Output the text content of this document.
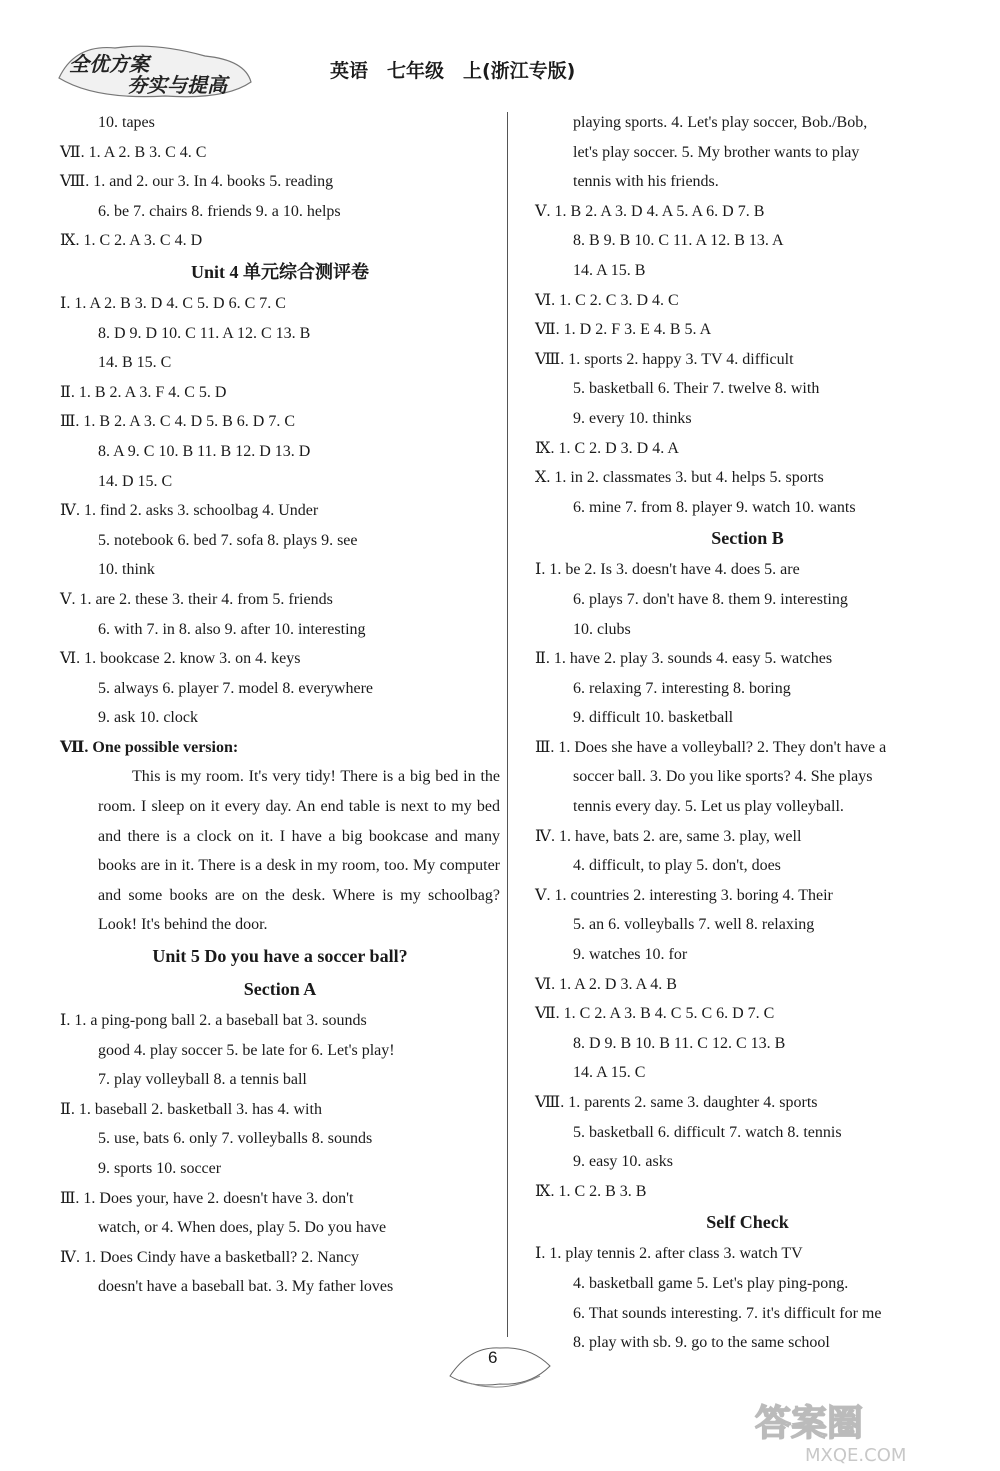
全优方案
夯实与提高
英语　七年级　上(浙江专版)
10. tapes
Ⅶ. 1. A 2. B 3. C 4. C
Ⅷ. 1. and 2. our 3. In 4. books 5. reading
6. be 7. chairs 8. friends 9. a 10. helps
Ⅸ. 1. C 2. A 3. C 4. D
Unit 4 单元综合测评卷
Ⅰ. 1. A 2. B 3. D 4. C 5. D 6. C 7. C
8. D 9. D 10. C 11. A 12. C 13. B
14. B 15. C
Ⅱ. 1. B 2. A 3. F 4. C 5. D
Ⅲ. 1. B 2. A 3. C 4. D 5. B 6. D 7. C
8. A 9. C 10. B 11. B 12. D 13. D
14. D 15. C
Ⅳ. 1. find 2. asks 3. schoolbag 4. Under
5. notebook 6. bed 7. sofa 8. plays 9. see
10. think
Ⅴ. 1. are 2. these 3. their 4. from 5. friends
6. with 7. in 8. also 9. after 10. interesting
Ⅵ. 1. bookcase 2. know 3. on 4. keys
5. always 6. player 7. model 8. everywhere
9. ask 10. clock
Ⅶ. One possible version:
This is my room. It's very tidy! There is a big bed in the room. I sleep on it every day. An end table is next to my bed and there is a clock on it. I have a big bookcase and many books are in it. There is a desk in my room, too. My computer and some books are on the desk. Where is my schoolbag? Look! It's behind the door.
Unit 5 Do you have a soccer ball?
Section A
Ⅰ. 1. a ping-pong ball 2. a baseball bat 3. sounds
good 4. play soccer 5. be late for 6. Let's play!
7. play volleyball 8. a tennis ball
Ⅱ. 1. baseball 2. basketball 3. has 4. with
5. use, bats 6. only 7. volleyballs 8. sounds
9. sports 10. soccer
Ⅲ. 1. Does your, have 2. doesn't have 3. don't
watch, or 4. When does, play 5. Do you have
Ⅳ. 1. Does Cindy have a basketball? 2. Nancy
doesn't have a baseball bat. 3. My father loves
playing sports. 4. Let's play soccer, Bob./Bob,
let's play soccer. 5. My brother wants to play
tennis with his friends.
Ⅴ. 1. B 2. A 3. D 4. A 5. A 6. D 7. B
8. B 9. B 10. C 11. A 12. B 13. A
14. A 15. B
Ⅵ. 1. C 2. C 3. D 4. C
Ⅶ. 1. D 2. F 3. E 4. B 5. A
Ⅷ. 1. sports 2. happy 3. TV 4. difficult
5. basketball 6. Their 7. twelve 8. with
9. every 10. thinks
Ⅸ. 1. C 2. D 3. D 4. A
Ⅹ. 1. in 2. classmates 3. but 4. helps 5. sports
6. mine 7. from 8. player 9. watch 10. wants
Section B
Ⅰ. 1. be 2. Is 3. doesn't have 4. does 5. are
6. plays 7. don't have 8. them 9. interesting
10. clubs
Ⅱ. 1. have 2. play 3. sounds 4. easy 5. watches
6. relaxing 7. interesting 8. boring
9. difficult 10. basketball
Ⅲ. 1. Does she have a volleyball? 2. They don't have a
soccer ball. 3. Do you like sports? 4. She plays
tennis every day. 5. Let us play volleyball.
Ⅳ. 1. have, bats 2. are, same 3. play, well
4. difficult, to play 5. don't, does
Ⅴ. 1. countries 2. interesting 3. boring 4. Their
5. an 6. volleyballs 7. well 8. relaxing
9. watches 10. for
Ⅵ. 1. A 2. D 3. A 4. B
Ⅶ. 1. C 2. A 3. B 4. C 5. C 6. D 7. C
8. D 9. B 10. B 11. C 12. C 13. B
14. A 15. C
Ⅷ. 1. parents 2. same 3. daughter 4. sports
5. basketball 6. difficult 7. watch 8. tennis
9. easy 10. asks
Ⅸ. 1. C 2. B 3. B
Self Check
Ⅰ. 1. play tennis 2. after class 3. watch TV
4. basketball game 5. Let's play ping-pong.
6. That sounds interesting. 7. it's difficult for me
8. play with sb. 9. go to the same school
6
答案圈
MXQE.COM
